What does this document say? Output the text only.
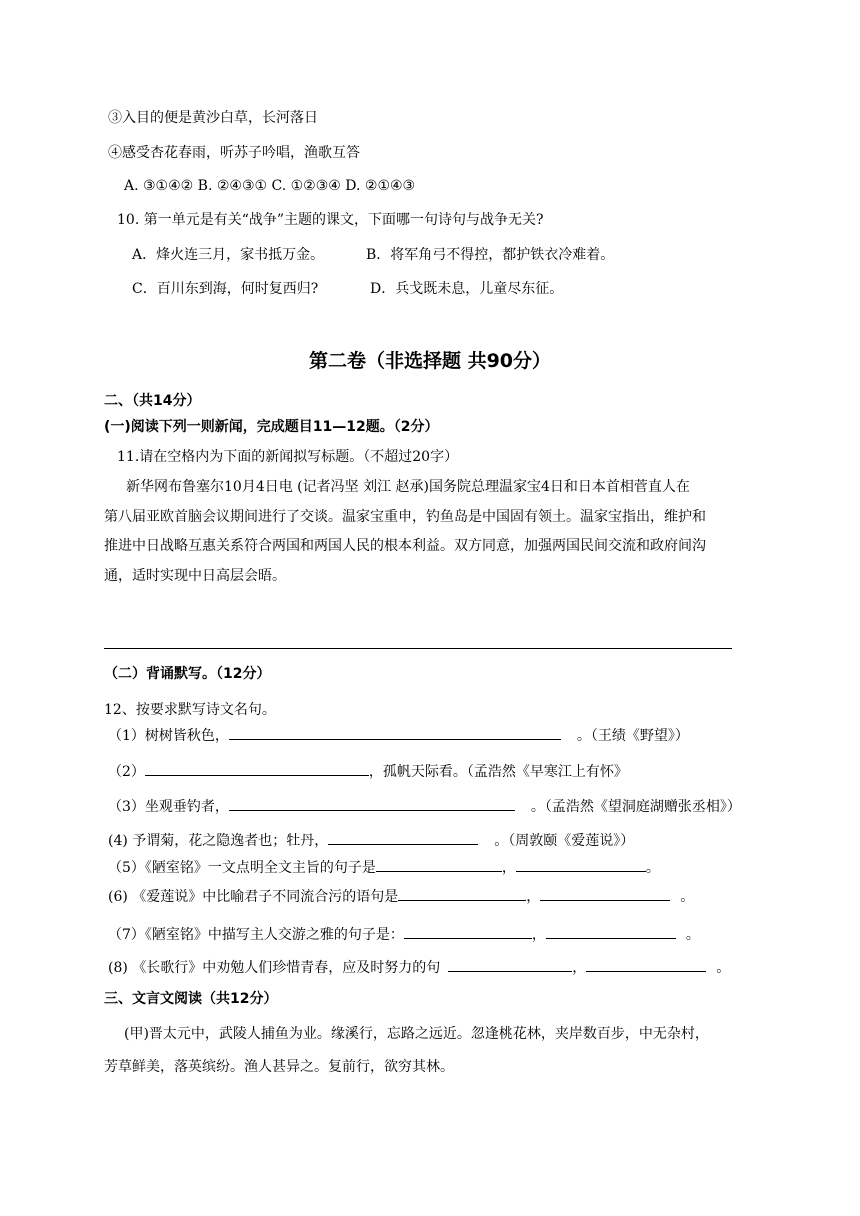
③入目的便是黄沙白草，长河落日
④感受杏花春雨，听苏子吟唱，渔歌互答
A. ③①④② B. ②④③① C. ①②③④ D. ②①④③
10. 第一单元是有关“战争”主题的课文，下面哪一句诗句与战争无关?
A．烽火连三月，家书抵万金。	B．将军角弓不得控，都护铁衣冷难着。
C．百川东到海，何时复西归?	D．兵戈既未息，儿童尽东征。
第二卷（非选择题 共90分）
二、（共14分）
(一)阅读下列一则新闻，完成题目11—12题。（2分）
11.请在空格内为下面的新闻拟写标题。（不超过20字）
新华网布鲁塞尔10月4日电 (记者冯坚 刘江 赵承)国务院总理温家宝4日和日本首相菅直人在
第八届亚欧首脑会议期间进行了交谈。温家宝重申，钓鱼岛是中国固有领土。温家宝指出，维护和
推进中日战略互惠关系符合两国和两国人民的根本利益。双方同意，加强两国民间交流和政府间沟
通，适时实现中日高层会晤。
（二）背诵默写。（12分）
12、按要求默写诗文名句。
（1）树树皆秋色，	。（王绩《野望》）
（2）	，孤帆天际看。（孟浩然《早寒江上有怀》
（3）坐观垂钓者，	。（孟浩然《望洞庭湖赠张丞相》）
(4) 予谓菊，花之隐逸者也；牡丹，	。（周敦颐《爱莲说》）
（5）《陋室铭》一文点明全文主旨的句子是	，	。
(6) 《爱莲说》中比喻君子不同流合污的语句是	，	。
（7）《陋室铭》中描写主人交游之雅的句子是：	，	。
(8) 《长歌行》中劝勉人们珍惜青春，应及时努力的句	，	。
三、文言文阅读（共12分）
(甲)晋太元中，武陵人捕鱼为业。缘溪行，忘路之远近。忽逢桃花林，夹岸数百步，中无杂村，
芳草鲜美，落英缤纷。渔人甚异之。复前行，欲穷其林。
